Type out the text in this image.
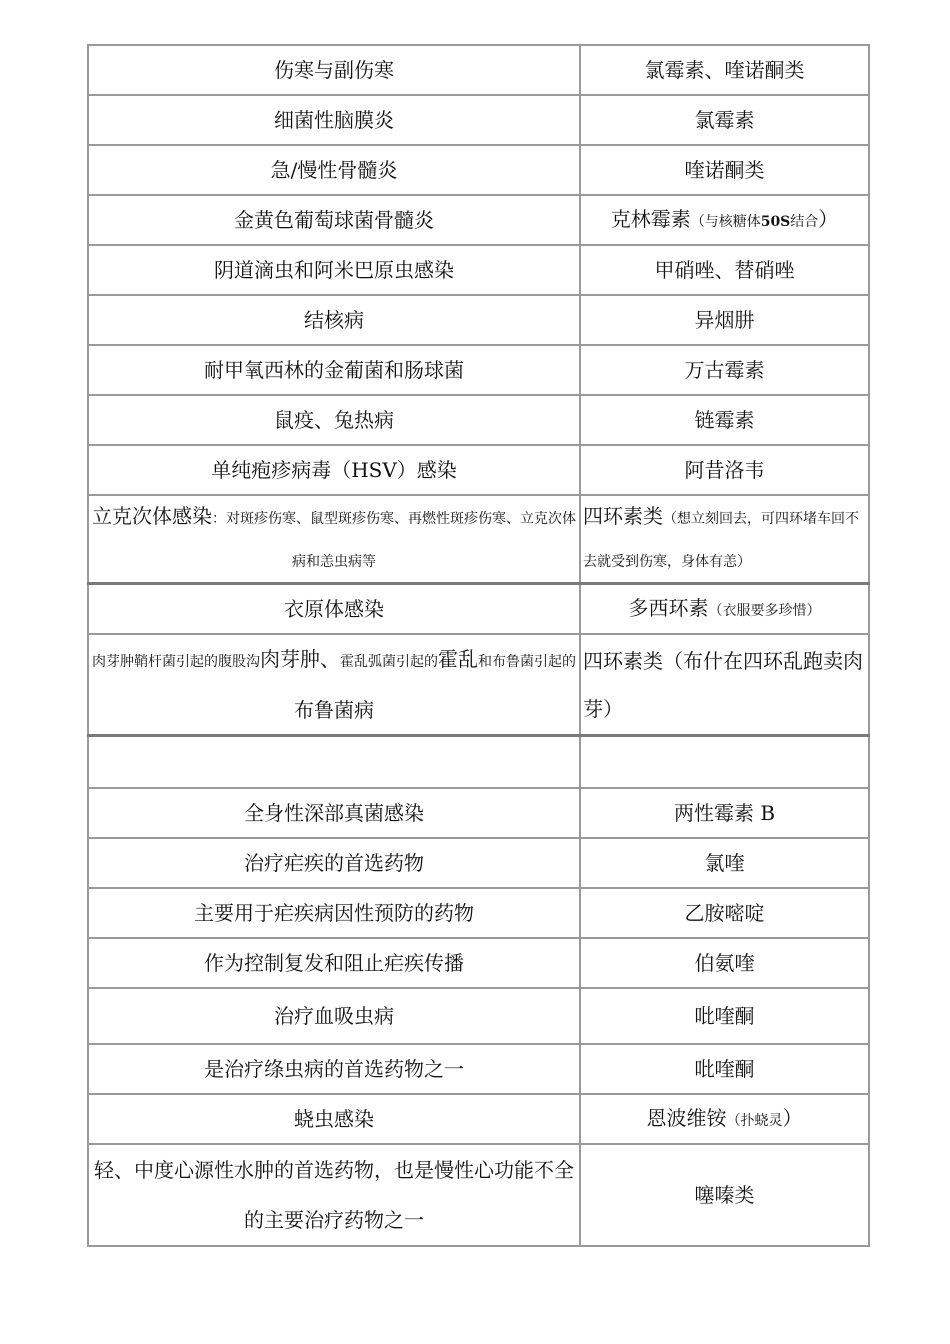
伤寒与副伤寒	氯霉素、喹诺酮类
细菌性脑膜炎	氯霉素
急/慢性骨髓炎	喹诺酮类
金黄色葡萄球菌骨髓炎	克林霉素（与核糖体50S结合）
阴道滴虫和阿米巴原虫感染	甲硝唑、替硝唑
结核病	异烟肼
耐甲氧西林的金葡菌和肠球菌	万古霉素
鼠疫、兔热病	链霉素
单纯疱疹病毒（HSV）感染	阿昔洛韦
立克次体感染：对斑疹伤寒、鼠型斑疹伤寒、再燃性斑疹伤寒、立克次体病和恙虫病等	四环素类（想立刻回去，可四环堵车回不去就受到伤寒，身体有恙）
衣原体感染	多西环素（衣服要多珍惜）
肉芽肿鞘杆菌引起的腹股沟肉芽肿、霍乱弧菌引起的霍乱和布鲁菌引起的布鲁菌病	四环素类（布什在四环乱跑卖肉芽）

全身性深部真菌感染	两性霉素 B
治疗疟疾的首选药物	氯喹
主要用于疟疾病因性预防的药物	乙胺嘧啶
作为控制复发和阻止疟疾传播	伯氨喹
治疗血吸虫病	吡喹酮
是治疗绦虫病的首选药物之一	吡喹酮
蛲虫感染	恩波维铵（扑蛲灵）
轻、中度心源性水肿的首选药物，也是慢性心功能不全的主要治疗药物之一	噻嗪类
